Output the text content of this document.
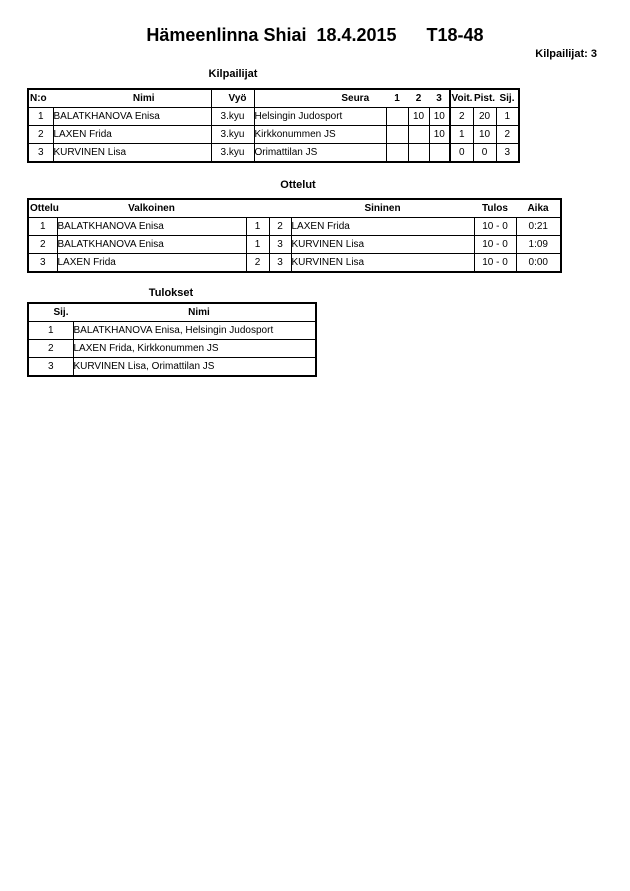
Hämeenlinna Shiai  18.4.2015      T18-48
Kilpailijat: 3
Kilpailijat
N:o	Nimi	Vyö	Seura	1	2	3	Voit.	Pist.	Sij.
1	BALATKHANOVA Enisa	3.kyu	Helsingin Judosport		10	10	2	20	1
2	LAXEN Frida	3.kyu	Kirkkonummen JS			10	1	10	2
3	KURVINEN Lisa	3.kyu	Orimattilan JS				0	0	3
Ottelut
Ottelu	Valkoinen			Sininen	Tulos	Aika
1	BALATKHANOVA Enisa	1	2	LAXEN Frida	10 - 0	0:21
2	BALATKHANOVA Enisa	1	3	KURVINEN Lisa	10 - 0	1:09
3	LAXEN Frida	2	3	KURVINEN Lisa	10 - 0	0:00
Tulokset
Sij.	Nimi
1	BALATKHANOVA Enisa, Helsingin Judosport
2	LAXEN Frida, Kirkkonummen JS
3	KURVINEN Lisa, Orimattilan JS
